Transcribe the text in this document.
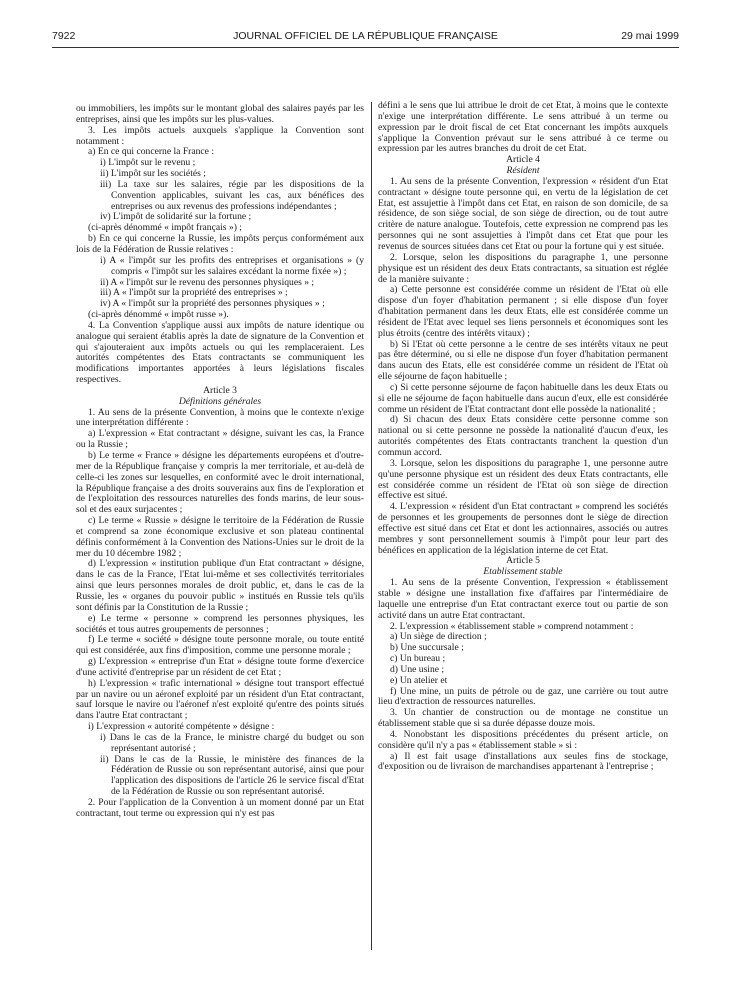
7922	JOURNAL OFFICIEL DE LA RÉPUBLIQUE FRANÇAISE	29 mai 1999

ou immobiliers, les impôts sur le montant global des salaires payés par les entreprises, ainsi que les impôts sur les plus-values.

3. Les impôts actuels auxquels s'applique la Convention sont notamment :

a) En ce qui concerne la France :

i) L'impôt sur le revenu ;

ii) L'impôt sur les sociétés ;

iii) La taxe sur les salaires, régie par les dispositions de la Convention applicables, suivant les cas, aux bénéfices des entreprises ou aux revenus des professions indépendantes ;

iv) L'impôt de solidarité sur la fortune ;

(ci-après dénommé « impôt français ») ;

b) En ce qui concerne la Russie, les impôts perçus conformément aux lois de la Fédération de Russie relatives :

i) A « l'impôt sur les profits des entreprises et organisations » (y compris « l'impôt sur les salaires excédant la norme fixée ») ;

ii) A « l'impôt sur le revenu des personnes physiques » ;

iii) A « l'impôt sur la propriété des entreprises » ;

iv) A « l'impôt sur la propriété des personnes physiques » ;

(ci-après dénommé « impôt russe »).

4. La Convention s'applique aussi aux impôts de nature identique ou analogue qui seraient établis après la date de signature de la Convention et qui s'ajouteraient aux impôts actuels ou qui les remplaceraient. Les autorités compétentes des Etats contractants se communiquent les modifications importantes apportées à leurs législations fiscales respectives.

Article 3

Définitions générales

1. Au sens de la présente Convention, à moins que le contexte n'exige une interprétation différente :

a) L'expression « Etat contractant » désigne, suivant les cas, la France ou la Russie ;

b) Le terme « France » désigne les départements européens et d'outre-mer de la République française y compris la mer territoriale, et au-delà de celle-ci les zones sur lesquelles, en conformité avec le droit international, la République française a des droits souverains aux fins de l'exploration et de l'exploitation des ressources naturelles des fonds marins, de leur sous-sol et des eaux surjacentes ;

c) Le terme « Russie » désigne le territoire de la Fédération de Russie et comprend sa zone économique exclusive et son plateau continental définis conformément à la Convention des Nations-Unies sur le droit de la mer du 10 décembre 1982 ;

d) L'expression « institution publique d'un Etat contractant » désigne, dans le cas de la France, l'Etat lui-même et ses collectivités territoriales ainsi que leurs personnes morales de droit public, et, dans le cas de la Russie, les « organes du pouvoir public » institués en Russie tels qu'ils sont définis par la Constitution de la Russie ;

e) Le terme « personne » comprend les personnes physiques, les sociétés et tous autres groupements de personnes ;

f) Le terme « société » désigne toute personne morale, ou toute entité qui est considérée, aux fins d'imposition, comme une personne morale ;

g) L'expression « entreprise d'un Etat » désigne toute forme d'exercice d'une activité d'entreprise par un résident de cet Etat ;

h) L'expression « trafic international » désigne tout transport effectué par un navire ou un aéronef exploité par un résident d'un Etat contractant, sauf lorsque le navire ou l'aéronef n'est exploité qu'entre des points situés dans l'autre Etat contractant ;

i) L'expression « autorité compétente » désigne :

i) Dans le cas de la France, le ministre chargé du budget ou son représentant autorisé ;

ii) Dans le cas de la Russie, le ministère des finances de la Fédération de Russie ou son représentant autorisé, ainsi que pour l'application des dispositions de l'article 26 le service fiscal d'Etat de la Fédération de Russie ou son représentant autorisé.

2. Pour l'application de la Convention à un moment donné par un Etat contractant, tout terme ou expression qui n'y est pas

défini a le sens que lui attribue le droit de cet Etat, à moins que le contexte n'exige une interprétation différente. Le sens attribué à un terme ou expression par le droit fiscal de cet Etat concernant les impôts auxquels s'applique la Convention prévaut sur le sens attribué à ce terme ou expression par les autres branches du droit de cet Etat.

Article 4

Résident

1. Au sens de la présente Convention, l'expression « résident d'un Etat contractant » désigne toute personne qui, en vertu de la législation de cet Etat, est assujettie à l'impôt dans cet Etat, en raison de son domicile, de sa résidence, de son siège social, de son siège de direction, ou de tout autre critère de nature analogue. Toutefois, cette expression ne comprend pas les personnes qui ne sont assujetties à l'impôt dans cet Etat que pour les revenus de sources situées dans cet Etat ou pour la fortune qui y est située.

2. Lorsque, selon les dispositions du paragraphe 1, une personne physique est un résident des deux Etats contractants, sa situation est réglée de la manière suivante :

a) Cette personne est considérée comme un résident de l'Etat où elle dispose d'un foyer d'habitation permanent ; si elle dispose d'un foyer d'habitation permanent dans les deux Etats, elle est considérée comme un résident de l'Etat avec lequel ses liens personnels et économiques sont les plus étroits (centre des intérêts vitaux) ;

b) Si l'Etat où cette personne a le centre de ses intérêts vitaux ne peut pas être déterminé, ou si elle ne dispose d'un foyer d'habitation permanent dans aucun des Etats, elle est considérée comme un résident de l'Etat où elle séjourne de façon habituelle ;

c) Si cette personne séjourne de façon habituelle dans les deux Etats ou si elle ne séjourne de façon habituelle dans aucun d'eux, elle est considérée comme un résident de l'Etat contractant dont elle possède la nationalité ;

d) Si chacun des deux Etats considère cette personne comme son national ou si cette personne ne possède la nationalité d'aucun d'eux, les autorités compétentes des Etats contractants tranchent la question d'un commun accord.

3. Lorsque, selon les dispositions du paragraphe 1, une personne autre qu'une personne physique est un résident des deux Etats contractants, elle est considérée comme un résident de l'Etat où son siège de direction effective est situé.

4. L'expression « résident d'un Etat contractant » comprend les sociétés de personnes et les groupements de personnes dont le siège de direction effective est situé dans cet Etat et dont les actionnaires, associés ou autres membres y sont personnellement soumis à l'impôt pour leur part des bénéfices en application de la législation interne de cet Etat.

Article 5

Etablissement stable

1. Au sens de la présente Convention, l'expression « établissement stable » désigne une installation fixe d'affaires par l'intermédiaire de laquelle une entreprise d'un Etat contractant exerce tout ou partie de son activité dans un autre Etat contractant.

2. L'expression « établissement stable » comprend notamment :

a) Un siège de direction ;

b) Une succursale ;

c) Un bureau ;

d) Une usine ;

e) Un atelier et

f) Une mine, un puits de pétrole ou de gaz, une carrière ou tout autre lieu d'extraction de ressources naturelles.

3. Un chantier de construction ou de montage ne constitue un établissement stable que si sa durée dépasse douze mois.

4. Nonobstant les dispositions précédentes du présent article, on considère qu'il n'y a pas « établissement stable » si :

a) Il est fait usage d'installations aux seules fins de stockage, d'exposition ou de livraison de marchandises appartenant à l'entreprise ;
